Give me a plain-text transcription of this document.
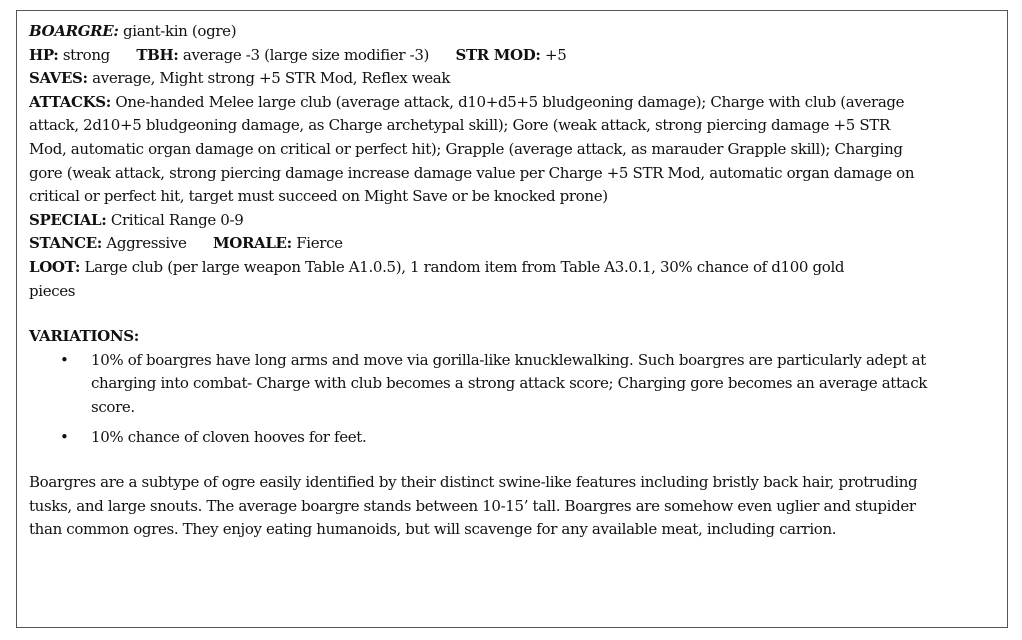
BOARGRE: giant-kin (ogre)
HP: strong TBH: average -3 (large size modifier -3) STR MOD: +5
SAVES: average, Might strong +5 STR Mod, Reflex weak
ATTACKS: One-handed Melee large club (average attack, d10+d5+5 bludgeoning damage); Charge with club (average
attack, 2d10+5 bludgeoning damage, as Charge archetypal skill); Gore (weak attack, strong piercing damage +5 STR
Mod, automatic organ damage on critical or perfect hit); Grapple (average attack, as marauder Grapple skill); Charging
gore (weak attack, strong piercing damage increase damage value per Charge +5 STR Mod, automatic organ damage on
critical or perfect hit, target must succeed on Might Save or be knocked prone)
SPECIAL: Critical Range 0-9
STANCE: Aggressive MORALE: Fierce
LOOT: Large club (per large weapon Table A1.0.5), 1 random item from Table A3.0.1, 30% chance of d100 gold
pieces
VARIATIONS:
• 10% of boargres have long arms and move via gorilla-like knucklewalking. Such boargres are particularly adept at
charging into combat- Charge with club becomes a strong attack score; Charging gore becomes an average attack
score.
• 10% chance of cloven hooves for feet.
Boargres are a subtype of ogre easily identified by their distinct swine-like features including bristly back hair, protruding
tusks, and large snouts. The average boargre stands between 10-15’ tall. Boargres are somehow even uglier and stupider
than common ogres. They enjoy eating humanoids, but will scavenge for any available meat, including carrion.
